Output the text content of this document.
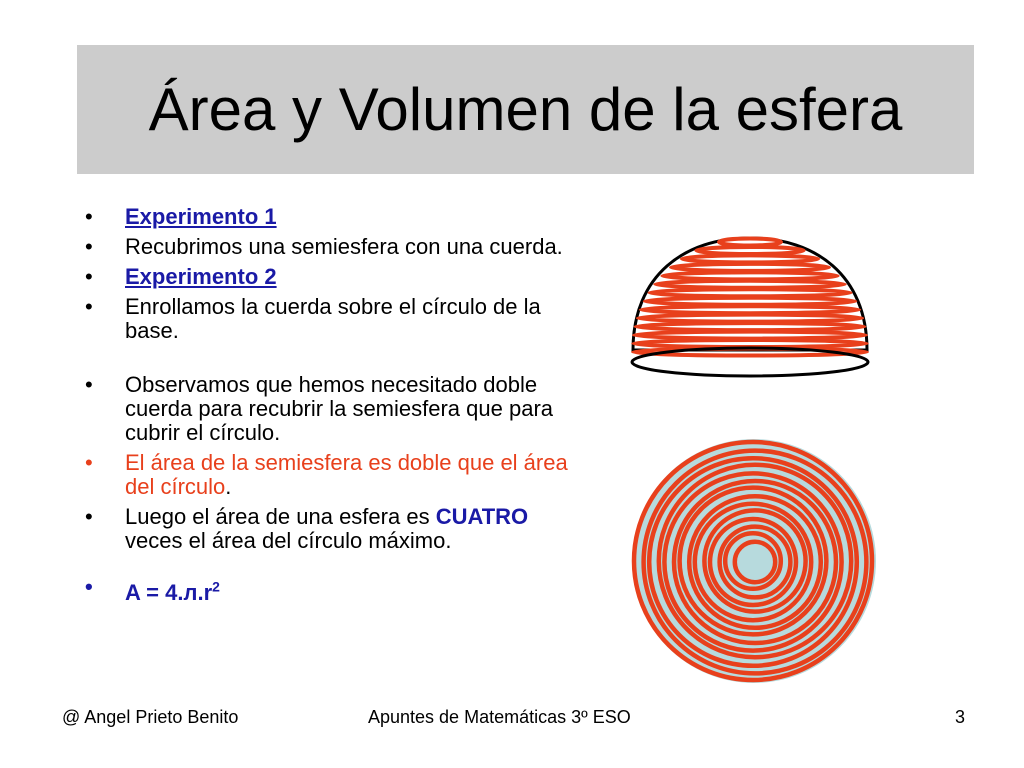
Área y Volumen de la esfera
•	Experimento 1
•	Recubrimos una semiesfera con una cuerda.
•	Experimento 2
•	Enrollamos la cuerda sobre el círculo de la base.
•	Observamos que hemos necesitado doble cuerda para recubrir la semiesfera que para cubrir el círculo.
•	El área de la semiesfera es doble que el área del círculo.
•	Luego el área de una esfera es CUATRO veces el área del círculo máximo.
•	$A = 4.л.r^2$
@ Angel Prieto Benito	Apuntes de Matemáticas 3º ESO	3
